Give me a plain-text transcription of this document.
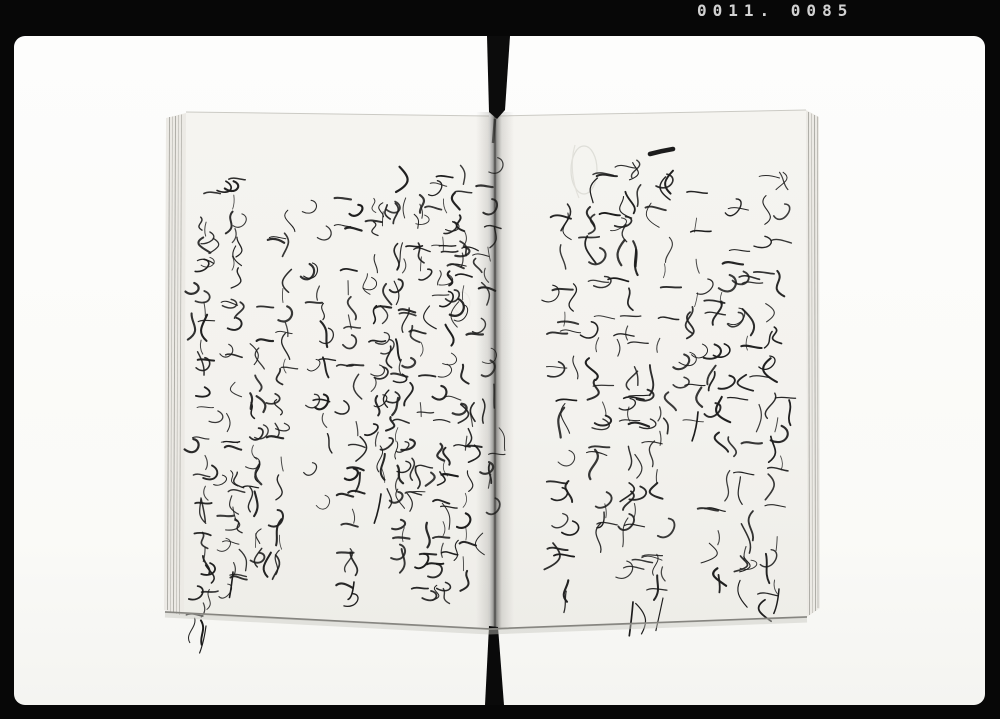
0011. 0085
